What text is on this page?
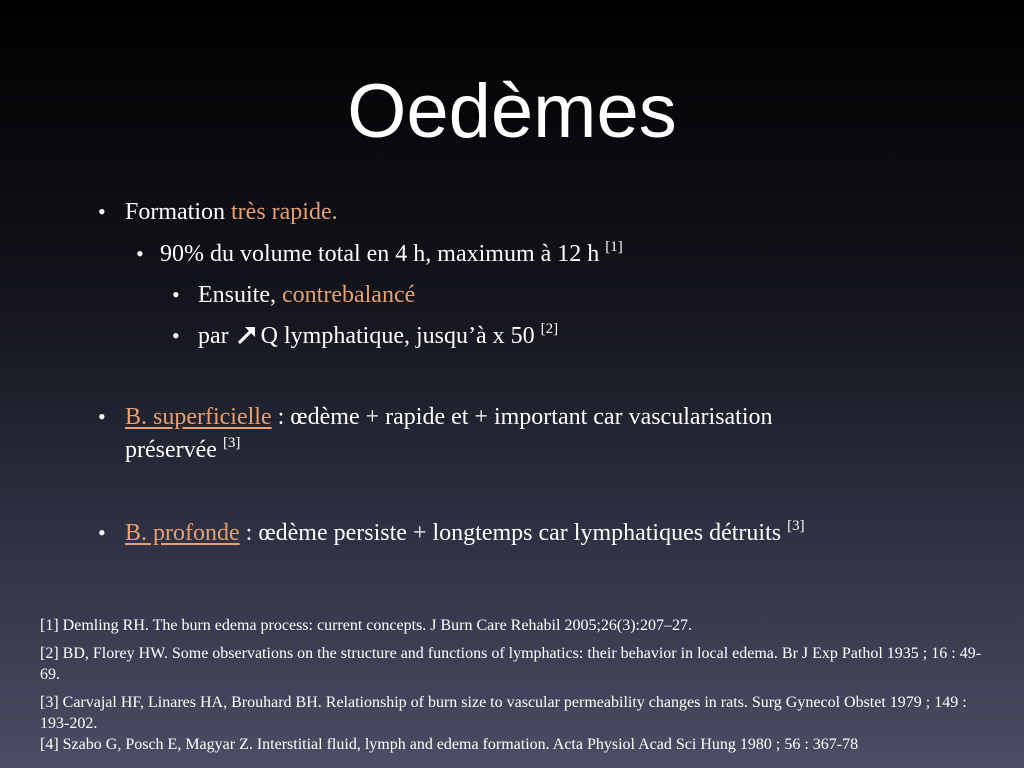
Oedèmes
• Formation très rapide.
• 90% du volume total en 4 h, maximum à 12 h [1]
• Ensuite, contrebalancé
• par Q lymphatique, jusqu’à x 50 [2]
• B. superficielle : œdème + rapide et + important car vascularisation
préservée [3]
• B. profonde : œdème persiste + longtemps car lymphatiques détruits [3]
[1] Demling RH. The burn edema process: current concepts. J Burn Care Rehabil 2005;26(3):207–27.
[2] BD, Florey HW. Some observations on the structure and functions of lymphatics: their behavior in local edema. Br J Exp Pathol 1935 ; 16 : 49-69.
[3] Carvajal HF, Linares HA, Brouhard BH. Relationship of burn size to vascular permeability changes in rats. Surg Gynecol Obstet 1979 ; 149 : 193-202.
[4] Szabo G, Posch E, Magyar Z. Interstitial fluid, lymph and edema formation. Acta Physiol Acad Sci Hung 1980 ; 56 : 367-78
